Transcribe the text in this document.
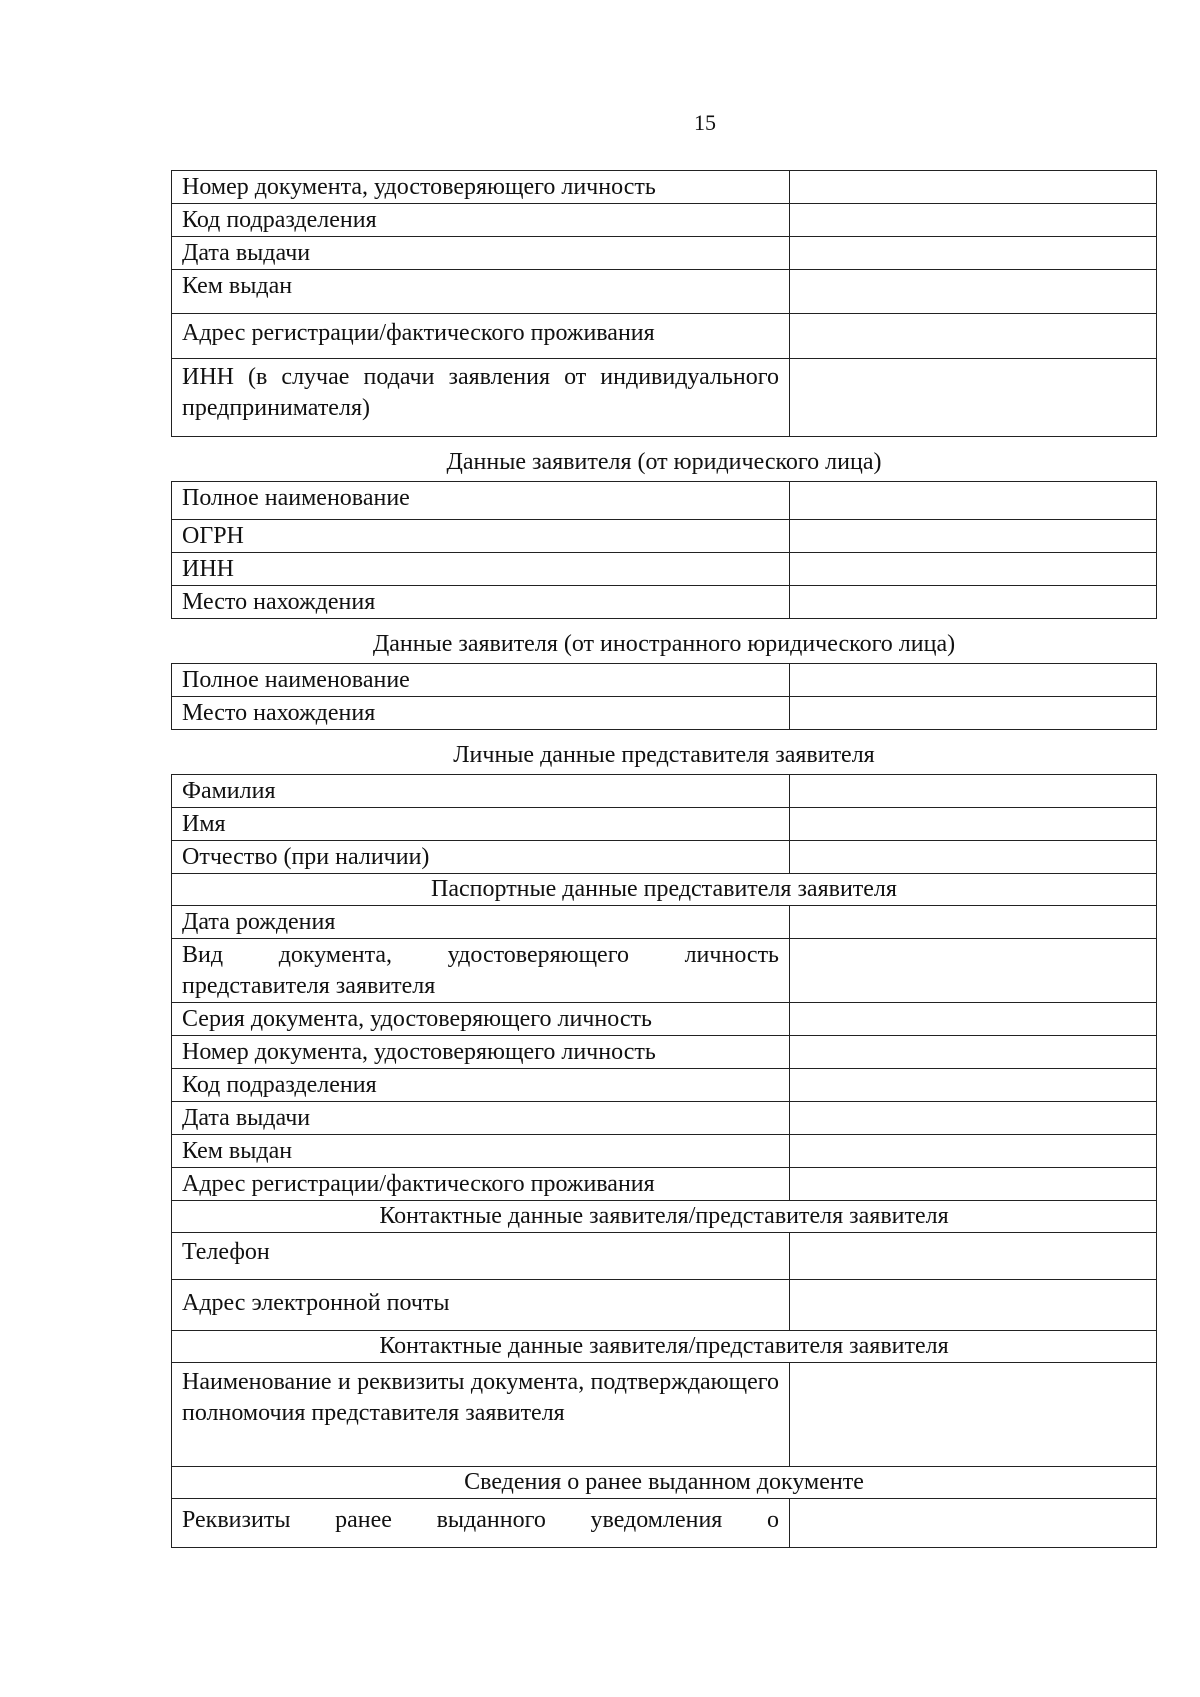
15
Номер документа, удостоверяющего личность	
Код подразделения	
Дата выдачи	
Кем выдан	
Адрес регистрации/фактического проживания	
ИНН (в случае подачи заявления от индивидуального предпринимателя)	
Данные заявителя (от юридического лица)
Полное наименование	
ОГРН	
ИНН	
Место нахождения	
Данные заявителя (от иностранного юридического лица)
Полное наименование	
Место нахождения	
Личные данные представителя заявителя
Фамилия	
Имя	
Отчество (при наличии)	
Паспортные данные представителя заявителя	
Дата рождения	
Вид документа, удостоверяющего личность представителя заявителя	
Серия документа, удостоверяющего личность	
Номер документа, удостоверяющего личность	
Код подразделения	
Дата выдачи	
Кем выдан	
Адрес регистрации/фактического проживания	
Контактные данные заявителя/представителя заявителя	
Телефон	
Адрес электронной почты	
Контактные данные заявителя/представителя заявителя	
Наименование и реквизиты документа, подтверждающего полномочия представителя заявителя	
Сведения о ранее выданном документе	
Реквизиты ранее выданного уведомления о	
